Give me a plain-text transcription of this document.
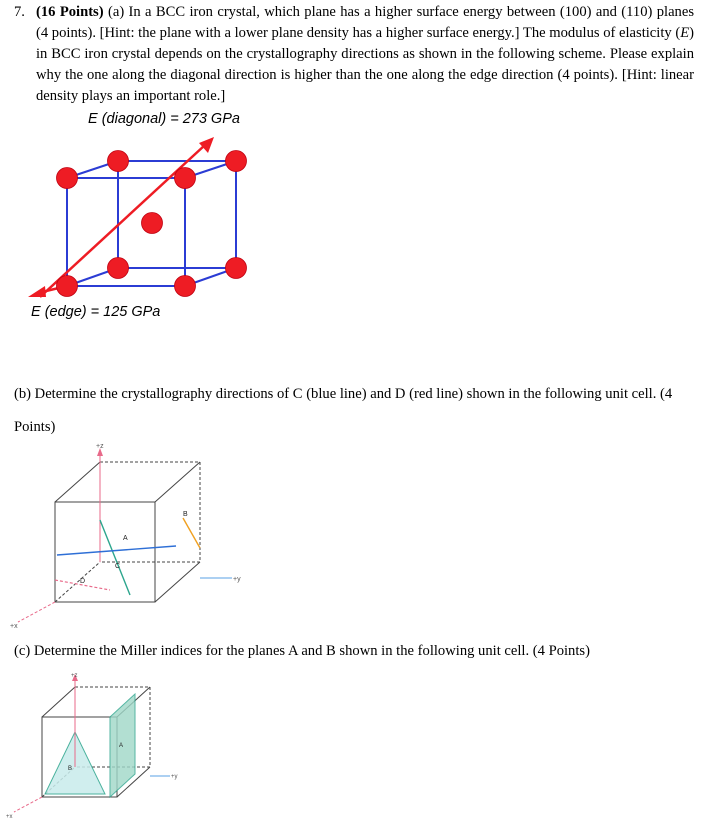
7. (16 Points) (a) In a BCC iron crystal, which plane has a higher surface energy between (100) and (110) planes (4 points). [Hint: the plane with a lower plane density has a higher surface energy.] The modulus of elasticity (E) in BCC iron crystal depends on the crystallography directions as shown in the following scheme. Please explain why the one along the diagonal direction is higher than the one along the edge direction (4 points). [Hint: linear density plays an important role.]
E (diagonal) = 273 GPa
E (edge) = 125 GPa
(b) Determine the crystallography directions of C (blue line) and D (red line) shown in the following unit cell. (4 Points)
+z
+y
+x
A
B
C
D
(c) Determine the Miller indices for the planes A and B shown in the following unit cell. (4 Points)
+z
+y
+x
A
B
